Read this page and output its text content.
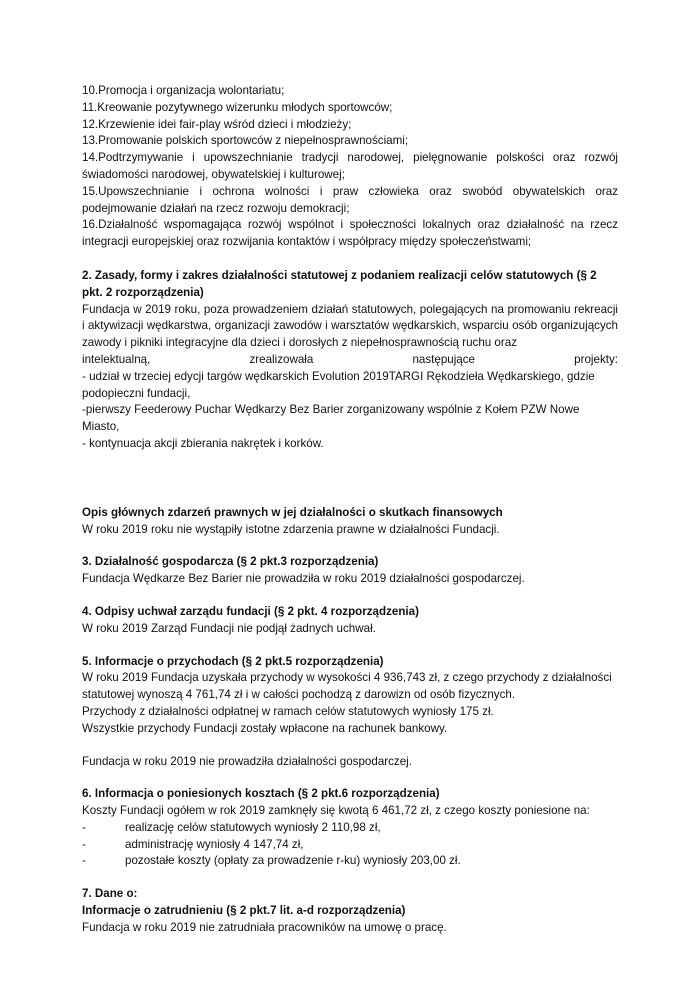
10.Promocja i organizacja wolontariatu;

11.Kreowanie pozytywnego wizerunku młodych sportowców;

12.Krzewienie idei fair-play wśród dzieci i młodzieży;

13.Promowanie polskich sportowców z niepełnosprawnościami;

14.Podtrzymywanie i upowszechnianie tradycji narodowej, pielęgnowanie polskości oraz rozwój świadomości narodowej, obywatelskiej i kulturowej;

15.Upowszechnianie i ochrona wolności i praw człowieka oraz swobód obywatelskich oraz podejmowanie działań na rzecz rozwoju demokracji;

16.Działalność wspomagająca rozwój wspólnot i społeczności lokalnych oraz działalność na rzecz integracji europejskiej oraz rozwijania kontaktów i współpracy między społeczeństwami;

2. Zasady, formy i zakres działalności statutowej z podaniem realizacji celów statutowych (§ 2 pkt. 2 rozporządzenia)

Fundacja w 2019 roku, poza prowadzeniem działań statutowych, polegających na promowaniu rekreacji i aktywizacji wędkarstwa, organizacji zawodów i warsztatów wędkarskich, wsparciu osób organizujących zawody i pikniki integracyjne dla dzieci i dorosłych z niepełnosprawnością ruchu oraz

intelektualną, zrealizowała następujące projekty:

- udział w trzeciej edycji targów wędkarskich Evolution 2019TARGI Rękodzieła Wędkarskiego, gdzie podopieczni fundacji,

-pierwszy Feederowy Puchar Wędkarzy Bez Barier zorganizowany wspólnie z Kołem PZW Nowe Miasto,

- kontynuacja akcji zbierania nakrętek i korków.

Opis głównych zdarzeń prawnych w jej działalności o skutkach finansowych

W roku 2019 roku nie wystąpiły istotne zdarzenia prawne w działalności Fundacji.

3. Działalność gospodarcza (§ 2 pkt.3 rozporządzenia)

Fundacja Wędkarze Bez Barier nie prowadziła w roku 2019 działalności gospodarczej.

4. Odpisy uchwał zarządu fundacji (§ 2 pkt. 4 rozporządzenia)

W roku 2019 Zarząd Fundacji nie podjął żadnych uchwał.

5. Informacje o przychodach (§ 2 pkt.5 rozporządzenia)

W roku 2019 Fundacja uzyskała przychody w wysokości 4 936,743 zł, z czego przychody z działalności

statutowej wynoszą 4 761,74 zł i w całości pochodzą z darowizn od osób fizycznych.

Przychody z działalności odpłatnej w ramach celów statutowych wyniosły 175 zł.

Wszystkie przychody Fundacji zostały wpłacone na rachunek bankowy.

Fundacja w roku 2019 nie prowadziła działalności gospodarczej.

6. Informacja o poniesionych kosztach (§ 2 pkt.6 rozporządzenia)

Koszty Fundacji ogółem w rok 2019 zamknęły się kwotą 6 461,72 zł, z czego koszty poniesione na:

-	realizację celów statutowych wyniosły 2 110,98 zł,

-	administrację wyniosły 4 147,74 zł,

-	pozostałe koszty (opłaty za prowadzenie r-ku) wyniosły 203,00 zł.

7. Dane o:

Informacje o zatrudnieniu (§ 2 pkt.7 lit. a-d rozporządzenia)

Fundacja w roku 2019 nie zatrudniała pracowników na umowę o pracę.
